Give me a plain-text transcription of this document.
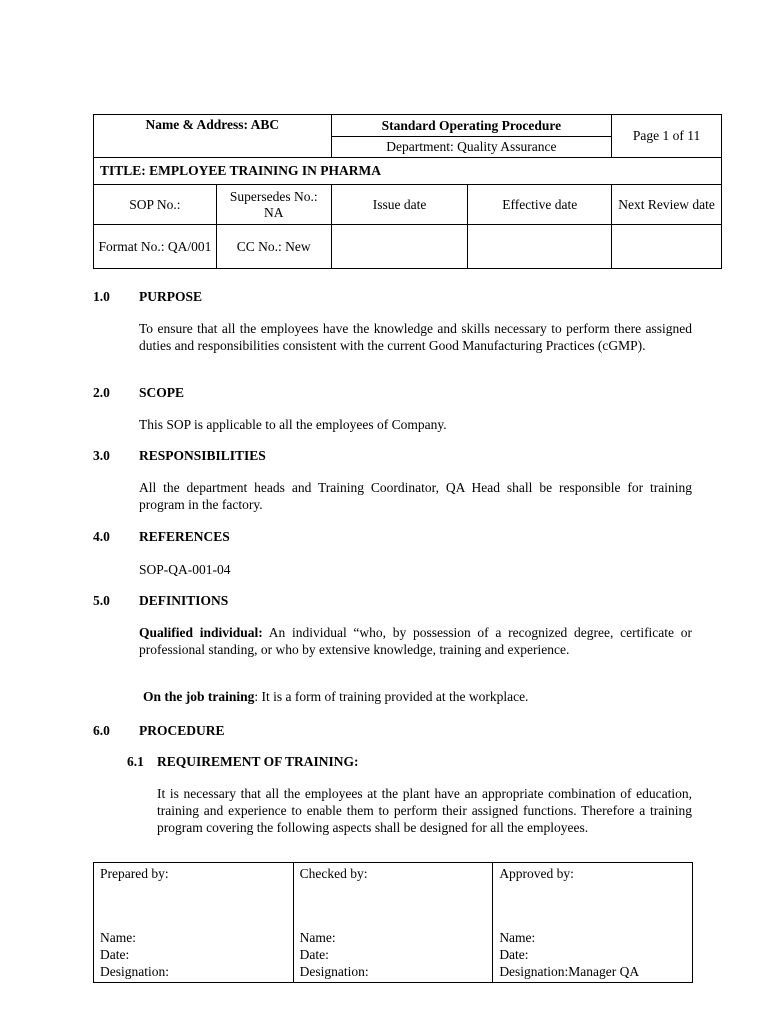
Name & Address: ABC		Standard Operating Procedure		Page 1 of 11
		Department: Quality Assurance		
TITLE: EMPLOYEE TRAINING IN PHARMA				
SOP No.:	Supersedes No.: NA	Issue date	Effective date	Next Review date
Format No.: QA/001	CC No.: New			
1.0 PURPOSE
To ensure that all the employees have the knowledge and skills necessary to perform there assigned duties and responsibilities consistent with the current Good Manufacturing Practices (cGMP).
2.0 SCOPE
This SOP is applicable to all the employees of Company.
3.0 RESPONSIBILITIES
All the department heads and Training Coordinator, QA Head shall be responsible for training program in the factory.
4.0 REFERENCES
SOP-QA-001-04
5.0 DEFINITIONS
Qualified individual: An individual “who, by possession of a recognized degree, certificate or professional standing, or who by extensive knowledge, training and experience.
On the job training: It is a form of training provided at the workplace.
6.0 PROCEDURE
6.1 REQUIREMENT OF TRAINING:
It is necessary that all the employees at the plant have an appropriate combination of education, training and experience to enable them to perform their assigned functions. Therefore a training program covering the following aspects shall be designed for all the employees.
Prepared by:
Name:
Date:
Designation:

Checked by:
Name:
Date:
Designation:

Approved by:
Name:
Date:
Designation:Manager QA
